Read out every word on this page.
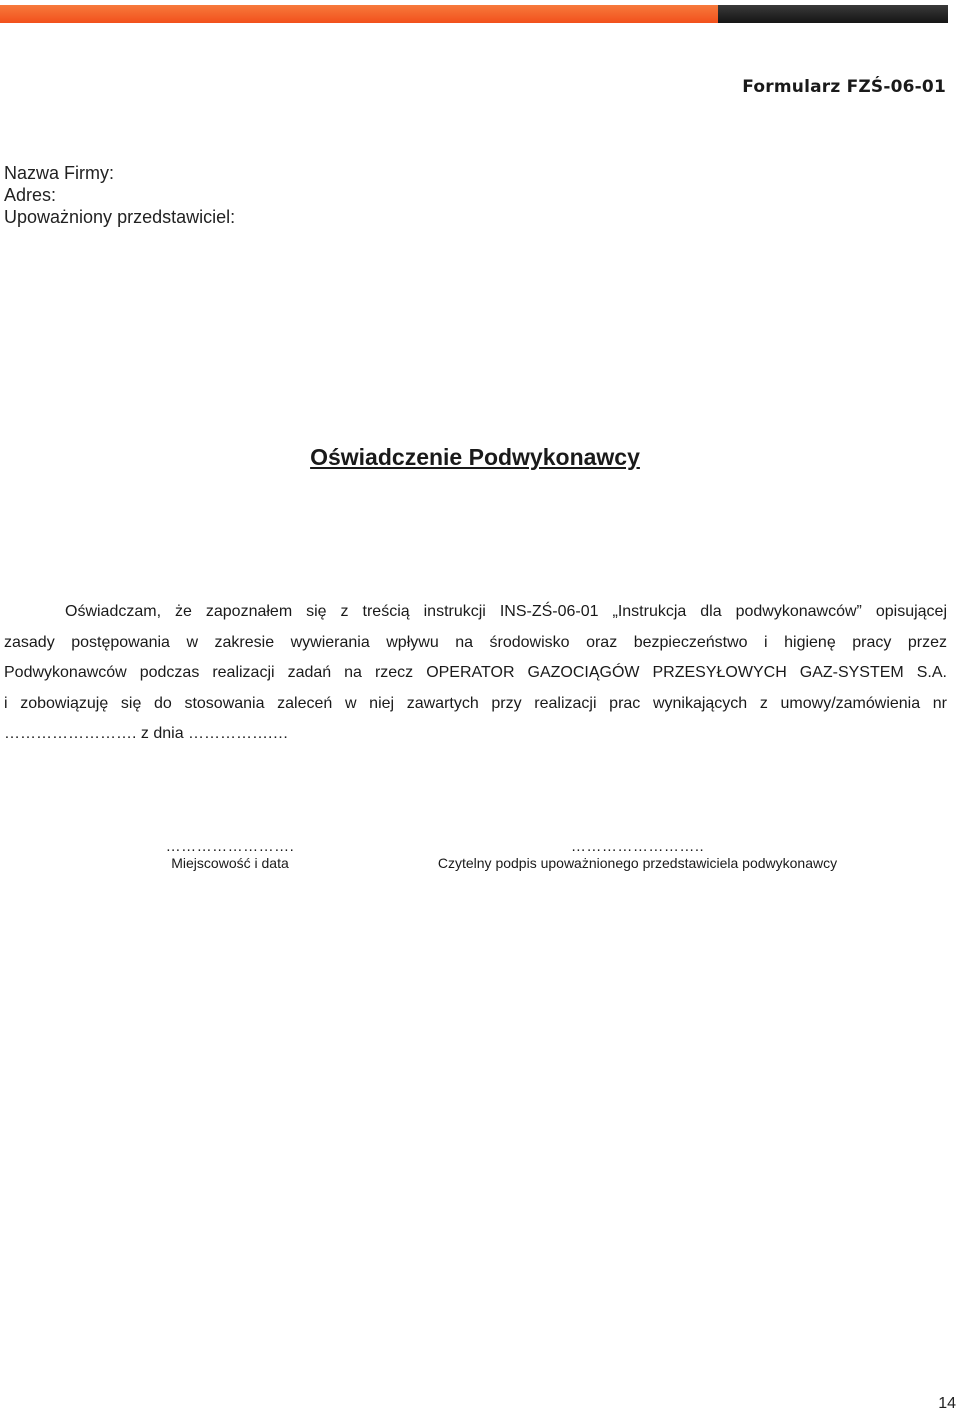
Formularz FZŚ-06-01
Nazwa Firmy:
Adres:
Upoważniony przedstawiciel:
Oświadczenie Podwykonawcy
Oświadczam, że zapoznałem się z treścią instrukcji INS-ZŚ-06-01 „Instrukcja dla podwykonawców” opisującej
zasady postępowania w zakresie wywierania wpływu na środowisko oraz bezpieczeństwo i higienę pracy przez
Podwykonawców podczas realizacji zadań na rzecz OPERATOR GAZOCIĄGÓW PRZESYŁOWYCH GAZ-SYSTEM S.A.
i zobowiązuję się do stosowania zaleceń w niej zawartych przy realizacji prac wynikających z umowy/zamówienia nr
……………………. z dnia …………….…
…………………….
Miejscowość i data
……………………..
Czytelny podpis upoważnionego przedstawiciela podwykonawcy
14
